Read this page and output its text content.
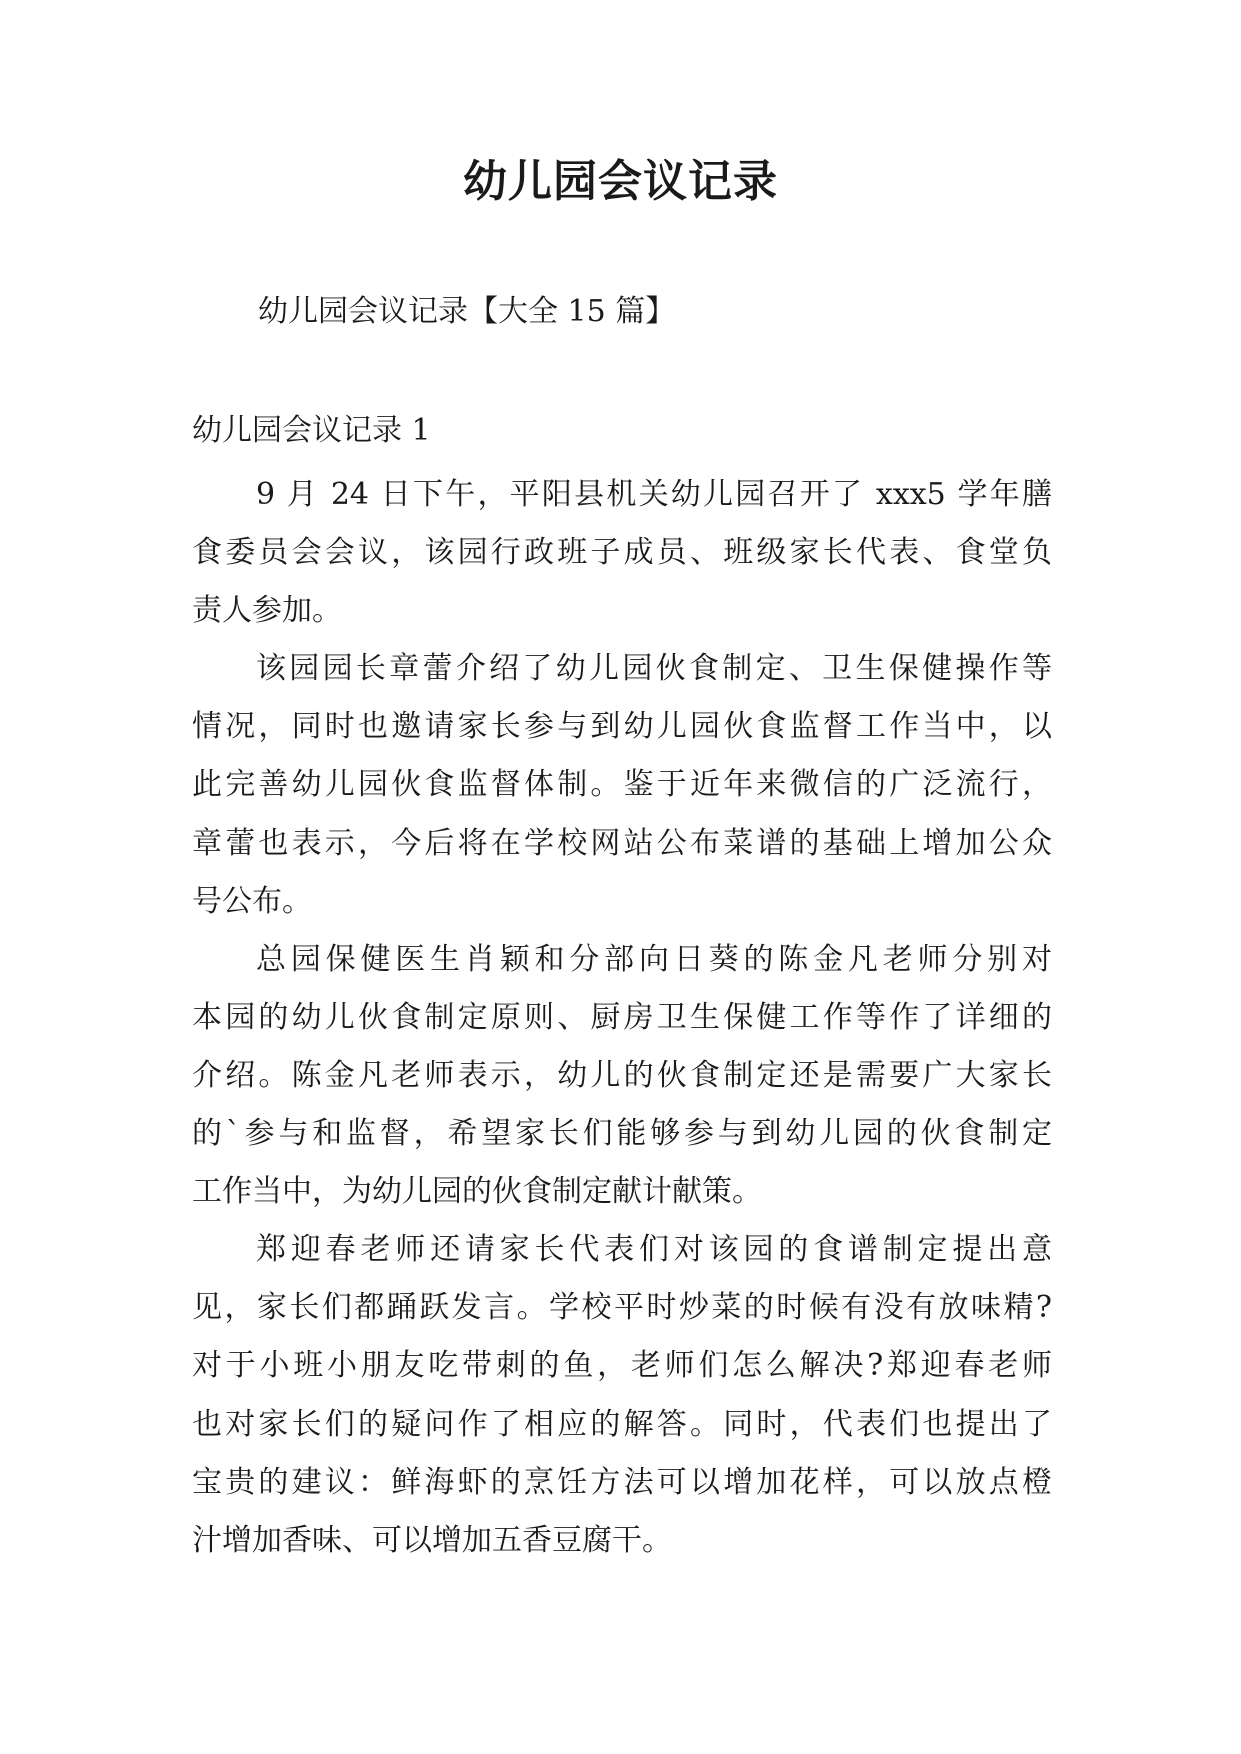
幼儿园会议记录

幼儿园会议记录【大全 15 篇】

幼儿园会议记录 1

9 月 24 日下午，平阳县机关幼儿园召开了 xxx5 学年膳
食委员会会议，该园行政班子成员、班级家长代表、食堂负
责人参加。
该园园长章蕾介绍了幼儿园伙食制定、卫生保健操作等
情况，同时也邀请家长参与到幼儿园伙食监督工作当中，以
此完善幼儿园伙食监督体制。鉴于近年来微信的广泛流行，
章蕾也表示，今后将在学校网站公布菜谱的基础上增加公众
号公布。
总园保健医生肖颖和分部向日葵的陈金凡老师分别对
本园的幼儿伙食制定原则、厨房卫生保健工作等作了详细的
介绍。陈金凡老师表示，幼儿的伙食制定还是需要广大家长
的`参与和监督，希望家长们能够参与到幼儿园的伙食制定
工作当中，为幼儿园的伙食制定献计献策。
郑迎春老师还请家长代表们对该园的食谱制定提出意
见，家长们都踊跃发言。学校平时炒菜的时候有没有放味精?
对于小班小朋友吃带刺的鱼，老师们怎么解决?郑迎春老师
也对家长们的疑问作了相应的解答。同时，代表们也提出了
宝贵的建议：鲜海虾的烹饪方法可以增加花样，可以放点橙
汁增加香味、可以增加五香豆腐干。
